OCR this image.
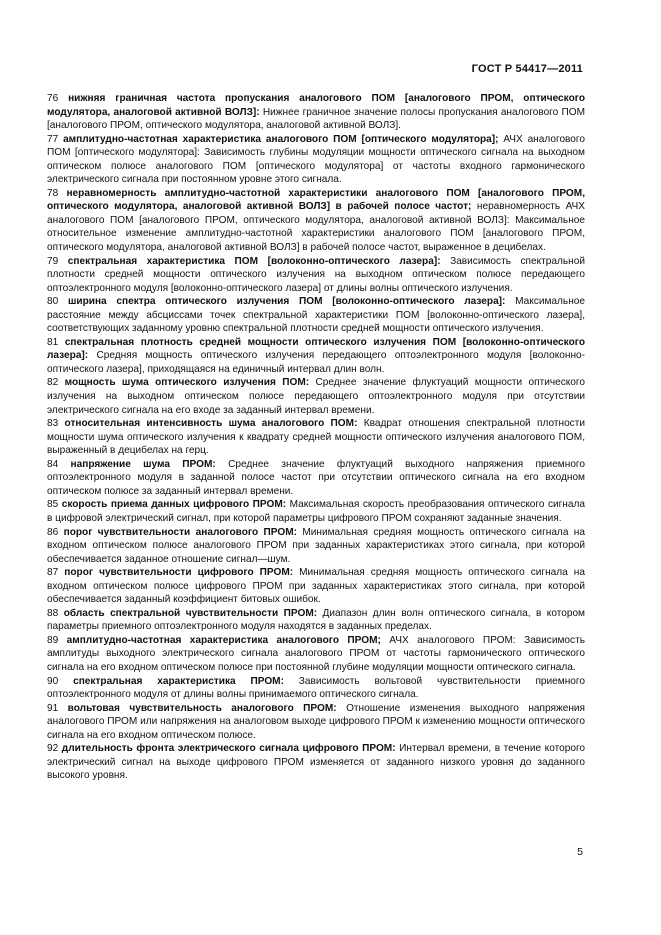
ГОСТ Р 54417—2011

76 нижняя граничная частота пропускания аналогового ПОМ [аналогового ПРОМ, оптического модулятора, аналоговой активной ВОЛЗ]: Нижнее граничное значение полосы пропускания аналогового ПОМ [аналогового ПРОМ, оптического модулятора, аналоговой активной ВОЛЗ].

77 амплитудно-частотная характеристика аналогового ПОМ [оптического модулятора]; АЧХ аналогового ПОМ [оптического модулятора]: Зависимость глубины модуляции мощности оптического сигнала на выходном оптическом полюсе аналогового ПОМ [оптического модулятора] от частоты входного гармонического электрического сигнала при постоянном уровне этого сигнала.

78 неравномерность амплитудно-частотной характеристики аналогового ПОМ [аналогового ПРОМ, оптического модулятора, аналоговой активной ВОЛЗ] в рабочей полосе частот; неравномерность АЧХ аналогового ПОМ [аналогового ПРОМ, оптического модулятора, аналоговой активной ВОЛЗ]: Максимальное относительное изменение амплитудно-частотной характеристики аналогового ПОМ [аналогового ПРОМ, оптического модулятора, аналоговой активной ВОЛЗ] в рабочей полосе частот, выраженное в децибелах.

79 спектральная характеристика ПОМ [волоконно-оптического лазера]: Зависимость спектральной плотности средней мощности оптического излучения на выходном оптическом полюсе передающего оптоэлектронного модуля [волоконно-оптического лазера] от длины волны оптического излучения.

80 ширина спектра оптического излучения ПОМ [волоконно-оптического лазера]: Максимальное расстояние между абсциссами точек спектральной характеристики ПОМ [волоконно-оптического лазера], соответствующих заданному уровню спектральной плотности средней мощности оптического излучения.

81 спектральная плотность средней мощности оптического излучения ПОМ [волоконно-оптического лазера]: Средняя мощность оптического излучения передающего оптоэлектронного модуля [волоконно-оптического лазера], приходящаяся на единичный интервал длин волн.

82 мощность шума оптического излучения ПОМ: Среднее значение флуктуаций мощности оптического излучения на выходном оптическом полюсе передающего оптоэлектронного модуля при отсутствии электрического сигнала на его входе за заданный интервал времени.

83 относительная интенсивность шума аналогового ПОМ: Квадрат отношения спектральной плотности мощности шума оптического излучения к квадрату средней мощности оптического излучения аналогового ПОМ, выраженный в децибелах на герц.

84 напряжение шума ПРОМ: Среднее значение флуктуаций выходного напряжения приемного оптоэлектронного модуля в заданной полосе частот при отсутствии оптического сигнала на его входном оптическом полюсе за заданный интервал времени.

85 скорость приема данных цифрового ПРОМ: Максимальная скорость преобразования оптического сигнала в цифровой электрический сигнал, при которой параметры цифрового ПРОМ сохраняют заданные значения.

86 порог чувствительности аналогового ПРОМ: Минимальная средняя мощность оптического сигнала на входном оптическом полюсе аналогового ПРОМ при заданных характеристиках этого сигнала, при которой обеспечивается заданное отношение сигнал—шум.

87 порог чувствительности цифрового ПРОМ: Минимальная средняя мощность оптического сигнала на входном оптическом полюсе цифрового ПРОМ при заданных характеристиках этого сигнала, при которой обеспечивается заданный коэффициент битовых ошибок.

88 область спектральной чувствительности ПРОМ: Диапазон длин волн оптического сигнала, в котором параметры приемного оптоэлектронного модуля находятся в заданных пределах.

89 амплитудно-частотная характеристика аналогового ПРОМ; АЧХ аналогового ПРОМ: Зависимость амплитуды выходного электрического сигнала аналогового ПРОМ от частоты гармонического оптического сигнала на его входном оптическом полюсе при постоянной глубине модуляции мощности оптического сигнала.

90 спектральная характеристика ПРОМ: Зависимость вольтовой чувствительности приемного оптоэлектронного модуля от длины волны принимаемого оптического сигнала.

91 вольтовая чувствительность аналогового ПРОМ: Отношение изменения выходного напряжения аналогового ПРОМ или напряжения на аналоговом выходе цифрового ПРОМ к изменению мощности оптического сигнала на его входном оптическом полюсе.

92 длительность фронта электрического сигнала цифрового ПРОМ: Интервал времени, в течение которого электрический сигнал на выходе цифрового ПРОМ изменяется от заданного низкого уровня до заданного высокого уровня.

5
